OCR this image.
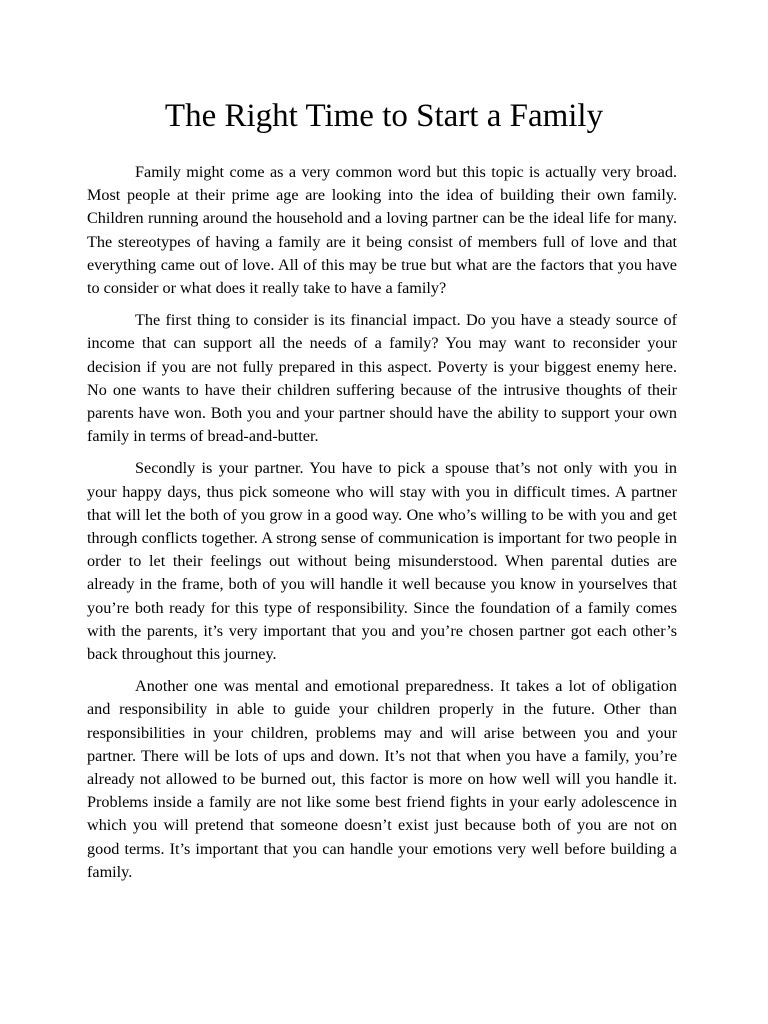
The Right Time to Start a Family

Family might come as a very common word but this topic is actually very broad. Most people at their prime age are looking into the idea of building their own family. Children running around the household and a loving partner can be the ideal life for many. The stereotypes of having a family are it being consist of members full of love and that everything came out of love. All of this may be true but what are the factors that you have to consider or what does it really take to have a family?

The first thing to consider is its financial impact. Do you have a steady source of income that can support all the needs of a family? You may want to reconsider your decision if you are not fully prepared in this aspect. Poverty is your biggest enemy here. No one wants to have their children suffering because of the intrusive thoughts of their parents have won. Both you and your partner should have the ability to support your own family in terms of bread-and-butter.

Secondly is your partner. You have to pick a spouse that’s not only with you in your happy days, thus pick someone who will stay with you in difficult times. A partner that will let the both of you grow in a good way. One who’s willing to be with you and get through conflicts together. A strong sense of communication is important for two people in order to let their feelings out without being misunderstood. When parental duties are already in the frame, both of you will handle it well because you know in yourselves that you’re both ready for this type of responsibility. Since the foundation of a family comes with the parents, it’s very important that you and you’re chosen partner got each other’s back throughout this journey.

Another one was mental and emotional preparedness. It takes a lot of obligation and responsibility in able to guide your children properly in the future. Other than responsibilities in your children, problems may and will arise between you and your partner. There will be lots of ups and down. It’s not that when you have a family, you’re already not allowed to be burned out, this factor is more on how well will you handle it. Problems inside a family are not like some best friend fights in your early adolescence in which you will pretend that someone doesn’t exist just because both of you are not on good terms. It’s important that you can handle your emotions very well before building a family.
